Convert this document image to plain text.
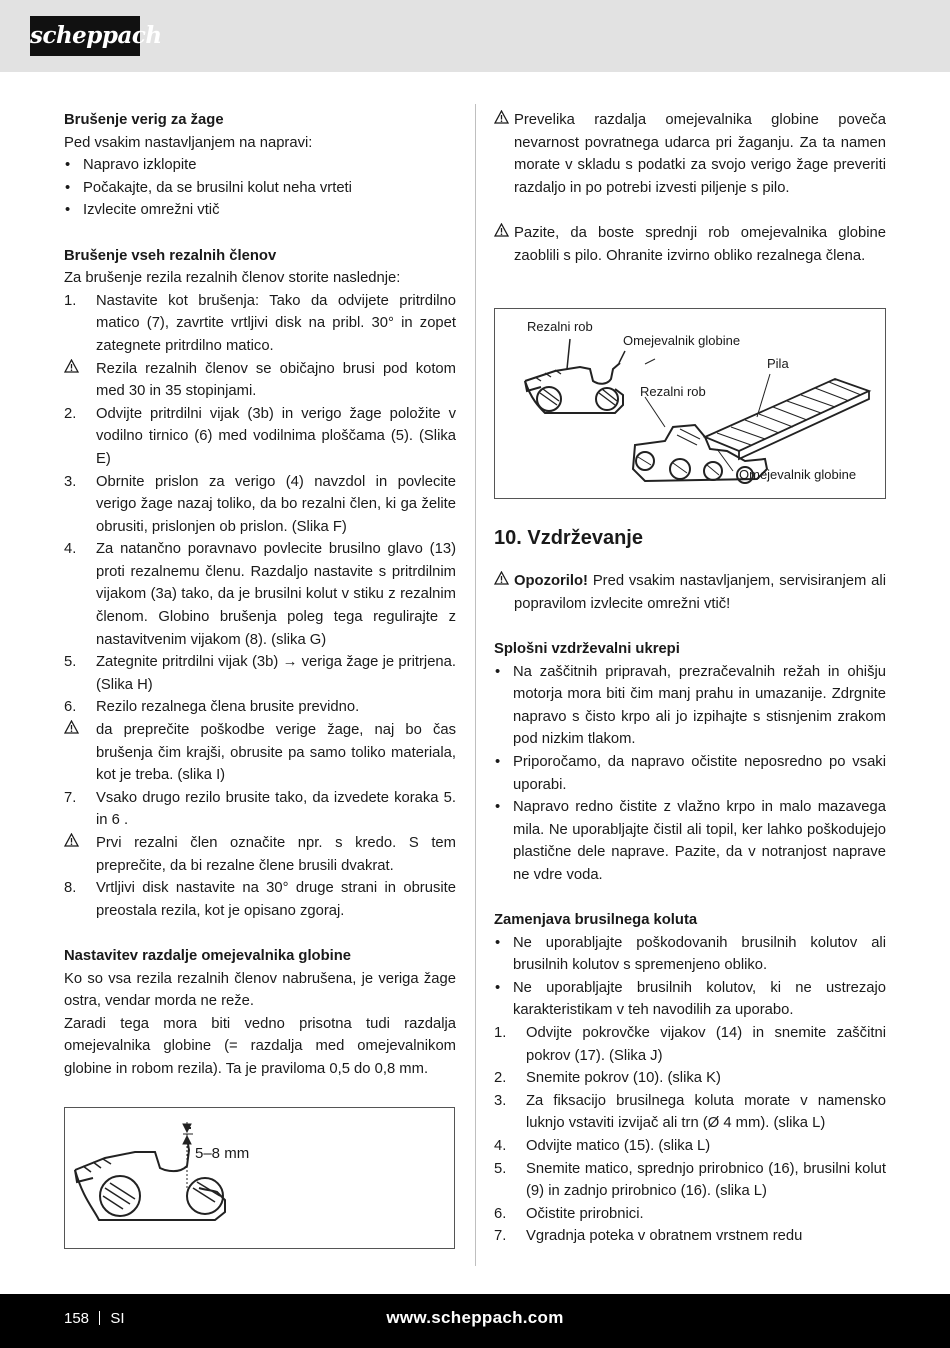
scheppach

Brušenje verig za žage

Ped vsakim nastavljanjem na napravi:

• Napravo izklopite
• Počakajte, da se brusilni kolut neha vrteti
• Izvlecite omrežni vtič

Brušenje vseh rezalnih členov

Za brušenje rezila rezalnih členov storite naslednje:

1. Nastavite kot brušenja: Tako da odvijete pritrdilno matico (7), zavrtite vrtljivi disk na pribl. 30° in zopet zategnete pritrdilno matico.
Rezila rezalnih členov se običajno brusi pod kotom med 30 in 35 stopinjami.
2. Odvijte pritrdilni vijak (3b) in verigo žage položite v vodilno tirnico (6) med vodilnima ploščama (5). (Slika E)
3. Obrnite prislon za verigo (4) navzdol in povlecite verigo žage nazaj toliko, da bo rezalni člen, ki ga želite obrusiti, prislonjen ob prislon. (Slika F)
4. Za natančno poravnavo povlecite brusilno glavo (13) proti rezalnemu členu. Razdaljo nastavite s pritrdilnim vijakom (3a) tako, da je brusilni kolut v stiku z rezalnim členom. Globino brušenja poleg tega regulirajte z nastavitvenim vijakom (8). (slika G)
5. Zategnite pritrdilni vijak (3b) → veriga žage je pritrjena. (Slika H)
6. Rezilo rezalnega člena brusite previdno.
da preprečite poškodbe verige žage, naj bo čas brušenja čim krajši, obrusite pa samo toliko materiala, kot je treba. (slika I)
7. Vsako drugo rezilo brusite tako, da izvedete koraka 5. in 6 .
Prvi rezalni člen označite npr. s kredo. S tem preprečite, da bi rezalne člene brusili dvakrat.
8. Vrtljivi disk nastavite na 30° druge strani in obrusite preostala rezila, kot je opisano zgoraj.

Nastavitev razdalje omejevalnika globine

Ko so vsa rezila rezalnih členov nabrušena, je veriga žage ostra, vendar morda ne reže.

Zaradi tega mora biti vedno prisotna tudi razdalja omejevalnika globine (= razdalja med omejevalnikom globine in robom rezila). Ta je praviloma 0,5 do 0,8 mm.

5–8 mm
Prevelika razdalja omejevalnika globine poveča nevarnost povratnega udarca pri žaganju. Za ta namen morate v skladu s podatki za svojo verigo žage preveriti razdaljo in po potrebi izvesti piljenje s pilo.
Pazite, da boste sprednji rob omejevalnika globine zaoblili s pilo. Ohranite izvirno obliko rezalnega člena.

10. Vzdrževanje

Opozorilo! Pred vsakim nastavljanjem, servisiranjem ali popravilom izvlecite omrežni vtič!

Splošni vzdrževalni ukrepi

• Na zaščitnih pripravah, prezračevalnih režah in ohišju motorja mora biti čim manj prahu in umazanije. Zdrgnite napravo s čisto krpo ali jo izpihajte s stisnjenim zrakom pod nizkim tlakom.
• Priporočamo, da napravo očistite neposredno po vsaki uporabi.
• Napravo redno čistite z vlažno krpo in malo mazavega mila. Ne uporabljajte čistil ali topil, ker lahko poškodujejo plastične dele naprave. Pazite, da v notranjost naprave ne vdre voda.

Zamenjava brusilnega koluta

• Ne uporabljajte poškodovanih brusilnih kolutov ali brusilnih kolutov s spremenjeno obliko.
• Ne uporabljajte brusilnih kolutov, ki ne ustrezajo karakteristikam v teh navodilih za uporabo.
1. Odvijte pokrovčke vijakov (14) in snemite zaščitni pokrov (17). (Slika J)
2. Snemite pokrov (10). (slika K)
3. Za fiksacijo brusilnega koluta morate v namensko luknjo vstaviti izvijač ali trn (Ø 4 mm). (slika L)
4. Odvijte matico (15). (slika L)
5. Snemite matico, sprednjo prirobnico (16), brusilni kolut (9) in zadnjo prirobnico (16). (slika L)
6. Očistite prirobnici.
7. Vgradnja poteka v obratnem vrstnem redu
Rezalni rob
Omejevalnik globine
Pila
Rezalni rob
Omejevalnik globine
158 SI	www.scheppach.com
